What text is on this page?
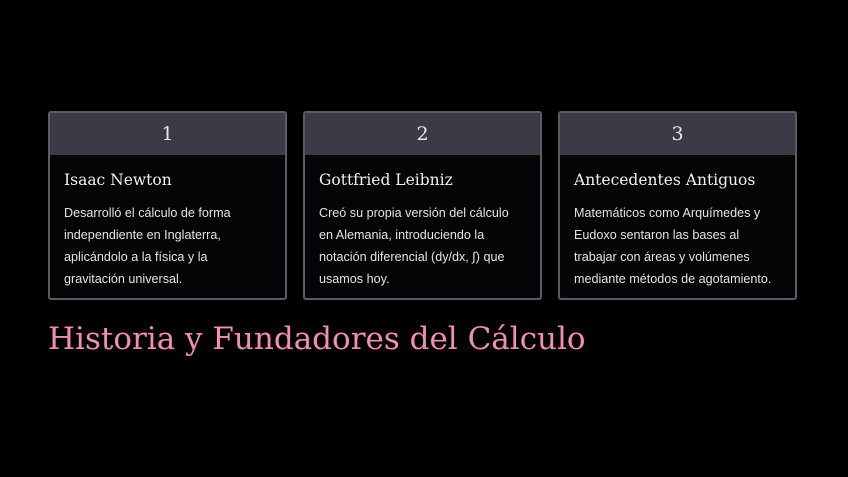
1
Isaac Newton

Desarrolló el cálculo de forma independiente en Inglaterra, aplicándolo a la física y la gravitación universal.

2
Gottfried Leibniz

Creó su propia versión del cálculo en Alemania, introduciendo la notación diferencial (dy/dx, ∫) que usamos hoy.

3
Antecedentes Antiguos

Matemáticos como Arquímedes y Eudoxo sentaron las bases al trabajar con áreas y volúmenes mediante métodos de agotamiento.

Historia y Fundadores del Cálculo
